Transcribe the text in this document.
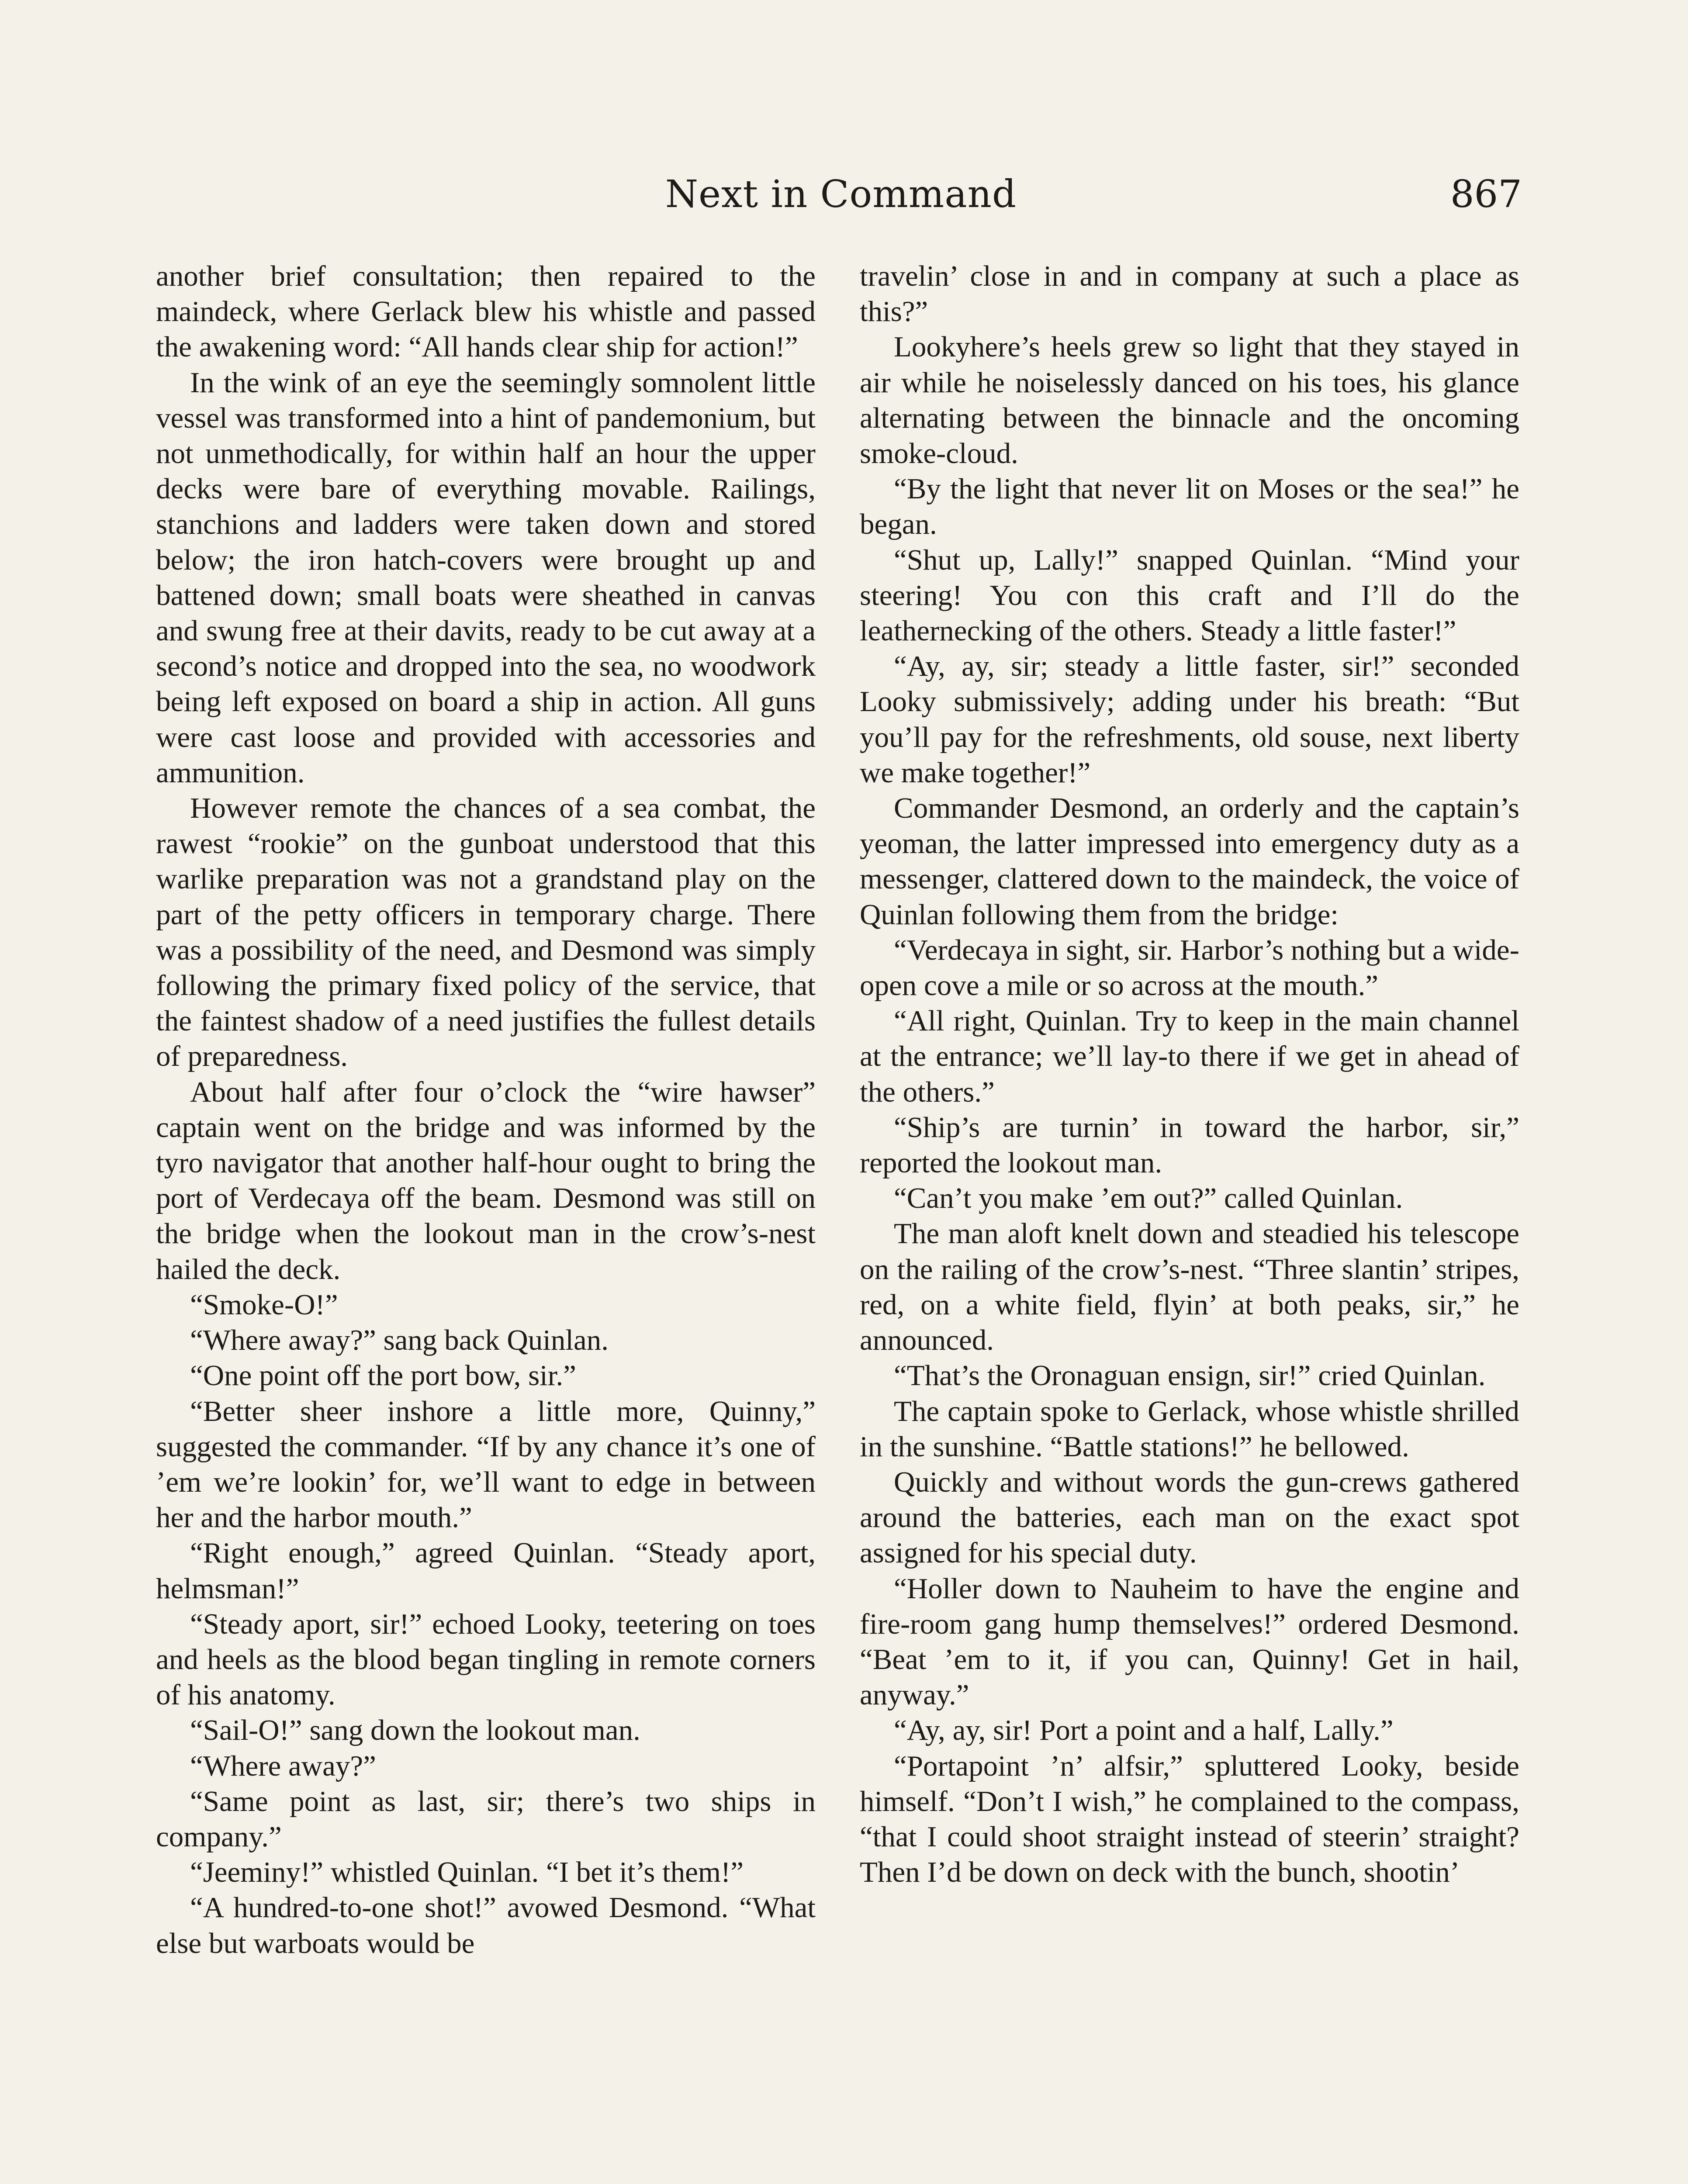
Next in Command	867

another brief consultation; then repaired to the maindeck, where Gerlack blew his whistle and passed the awakening word: “All hands clear ship for action!”

In the wink of an eye the seemingly somnolent little vessel was transformed into a hint of pandemonium, but not unmethodically, for within half an hour the upper decks were bare of everything movable. Railings, stanchions and ladders were taken down and stored below; the iron hatch-covers were brought up and battened down; small boats were sheathed in canvas and swung free at their davits, ready to be cut away at a second’s notice and dropped into the sea, no woodwork being left exposed on board a ship in action. All guns were cast loose and provided with accessories and ammunition.

However remote the chances of a sea combat, the rawest “rookie” on the gunboat understood that this warlike preparation was not a grandstand play on the part of the petty officers in temporary charge. There was a possibility of the need, and Desmond was simply following the primary fixed policy of the service, that the faintest shadow of a need justifies the fullest details of preparedness.

About half after four o’clock the “wire hawser” captain went on the bridge and was informed by the tyro navigator that another half-hour ought to bring the port of Verdecaya off the beam. Desmond was still on the bridge when the lookout man in the crow’s-nest hailed the deck.

“Smoke-O!”

“Where away?” sang back Quinlan.

“One point off the port bow, sir.”

“Better sheer inshore a little more, Quinny,” suggested the commander. “If by any chance it’s one of ’em we’re lookin’ for, we’ll want to edge in between her and the harbor mouth.”

“Right enough,” agreed Quinlan. “Steady aport, helmsman!”

“Steady aport, sir!” echoed Looky, teetering on toes and heels as the blood began tingling in remote corners of his anatomy.

“Sail-O!” sang down the lookout man.

“Where away?”

“Same point as last, sir; there’s two ships in company.”

“Jeeminy!” whistled Quinlan. “I bet it’s them!”

“A hundred-to-one shot!” avowed Desmond. “What else but warboats would be

travelin’ close in and in company at such a place as this?”

Lookyhere’s heels grew so light that they stayed in air while he noiselessly danced on his toes, his glance alternating between the binnacle and the oncoming smoke-cloud.

“By the light that never lit on Moses or the sea!” he began.

“Shut up, Lally!” snapped Quinlan. “Mind your steering! You con this craft and I’ll do the leathernecking of the others. Steady a little faster!”

“Ay, ay, sir; steady a little faster, sir!” seconded Looky submissively; adding under his breath: “But you’ll pay for the refreshments, old souse, next liberty we make together!”

Commander Desmond, an orderly and the captain’s yeoman, the latter impressed into emergency duty as a messenger, clattered down to the maindeck, the voice of Quinlan following them from the bridge:

“Verdecaya in sight, sir. Harbor’s nothing but a wide-open cove a mile or so across at the mouth.”

“All right, Quinlan. Try to keep in the main channel at the entrance; we’ll lay-to there if we get in ahead of the others.”

“Ship’s are turnin’ in toward the harbor, sir,” reported the lookout man.

“Can’t you make ’em out?” called Quinlan.

The man aloft knelt down and steadied his telescope on the railing of the crow’s-nest. “Three slantin’ stripes, red, on a white field, flyin’ at both peaks, sir,” he announced.

“That’s the Oronaguan ensign, sir!” cried Quinlan.

The captain spoke to Gerlack, whose whistle shrilled in the sunshine. “Battle stations!” he bellowed.

Quickly and without words the gun-crews gathered around the batteries, each man on the exact spot assigned for his special duty.

“Holler down to Nauheim to have the engine and fire-room gang hump themselves!” ordered Desmond. “Beat ’em to it, if you can, Quinny! Get in hail, anyway.”

“Ay, ay, sir! Port a point and a half, Lally.”

“Portapoint ’n’ alfsir,” spluttered Looky, beside himself. “Don’t I wish,” he complained to the compass, “that I could shoot straight instead of steerin’ straight? Then I’d be down on deck with the bunch, shootin’
